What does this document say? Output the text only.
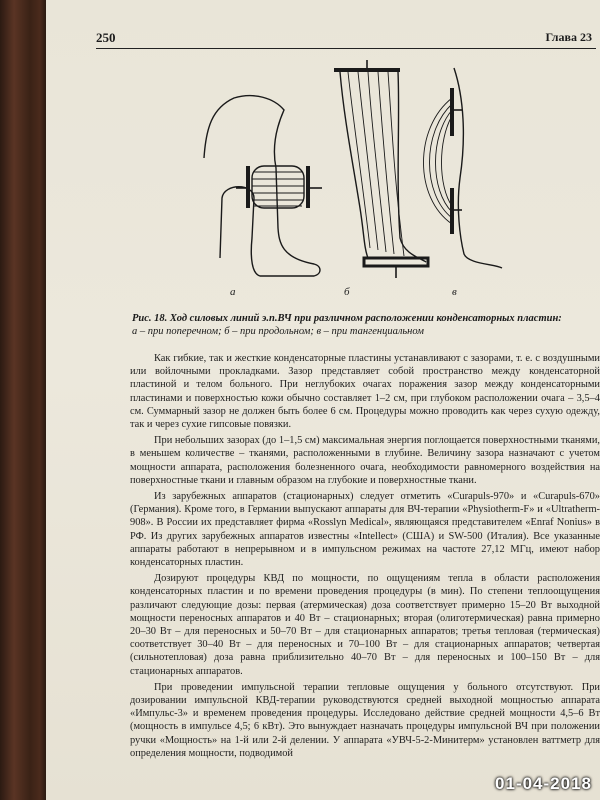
250	Глава 23
а	б	в
Рис. 18. Ход силовых линий э.п.ВЧ при различном расположении конденсаторных пластин:
а – при поперечном; б – при продольном; в – при тангенциальном

Как гибкие, так и жесткие конденсаторные пластины устанавливают с зазорами, т. е. с воздушными или войлочными прокладками. Зазор представляет собой пространство между конденсаторной пластиной и телом больного. При неглубоких очагах поражения зазор между конденсаторными пластинами и поверхностью кожи обычно составляет 1–2 см, при глубоком расположении очага – 3,5–4 см. Суммарный зазор не должен быть более 6 см. Процедуры можно проводить как через сухую одежду, так и через сухие гипсовые повязки.

При небольших зазорах (до 1–1,5 см) максимальная энергия поглощается поверхностными тканями, в меньшем количестве – тканями, расположенными в глубине. Величину зазора назначают с учетом мощности аппарата, расположения болезненного очага, необходимости равномерного воздействия на поверхностные ткани и главным образом на глубокие и поверхностные ткани.

Из зарубежных аппаратов (стационарных) следует отметить «Curapuls-970» и «Curapuls-670» (Германия). Кроме того, в Германии выпускают аппараты для ВЧ-терапии «Physiotherm-F» и «Ultratherm-908». В России их представляет фирма «Rosslyn Medical», являющаяся представителем «Enraf Nonius» в РФ. Из других зарубежных аппаратов известны «Intellect» (США) и SW-500 (Италия). Все указанные аппараты работают в непрерывном и в импульсном режимах на частоте 27,12 МГц, имеют набор конденсаторных пластин.

Дозируют процедуры КВД по мощности, по ощущениям тепла в области расположения конденсаторных пластин и по времени проведения процедуры (в мин). По степени теплоощущения различают следующие дозы: первая (атермическая) доза соответствует примерно 15–20 Вт выходной мощности переносных аппаратов и 40 Вт – стационарных; вторая (олиготермическая) равна примерно 20–30 Вт – для переносных и 50–70 Вт – для стационарных аппаратов; третья тепловая (термическая) соответствует 30–40 Вт – для переносных и 70–100 Вт – для стационарных аппаратов; четвертая (сильнотепловая) доза равна приблизительно 40–70 Вт – для переносных и 100–150 Вт – для стационарных аппаратов.

При проведении импульсной терапии тепловые ощущения у больного отсутствуют. При дозировании импульсной КВД-терапии руководствуются средней выходной мощностью аппарата «Импульс-3» и временем проведения процедуры. Исследовано действие средней мощности 4,5–6 Вт (мощность в импульсе 4,5; 6 кВт). Это вынуждает назначать процедуры импульсной ВЧ при положении ручки «Мощность» на 1-й или 2-й делении. У аппарата «УВЧ-5-2-Минитерм» установлен ваттметр для определения мощности, подводимой

01-04-2018
